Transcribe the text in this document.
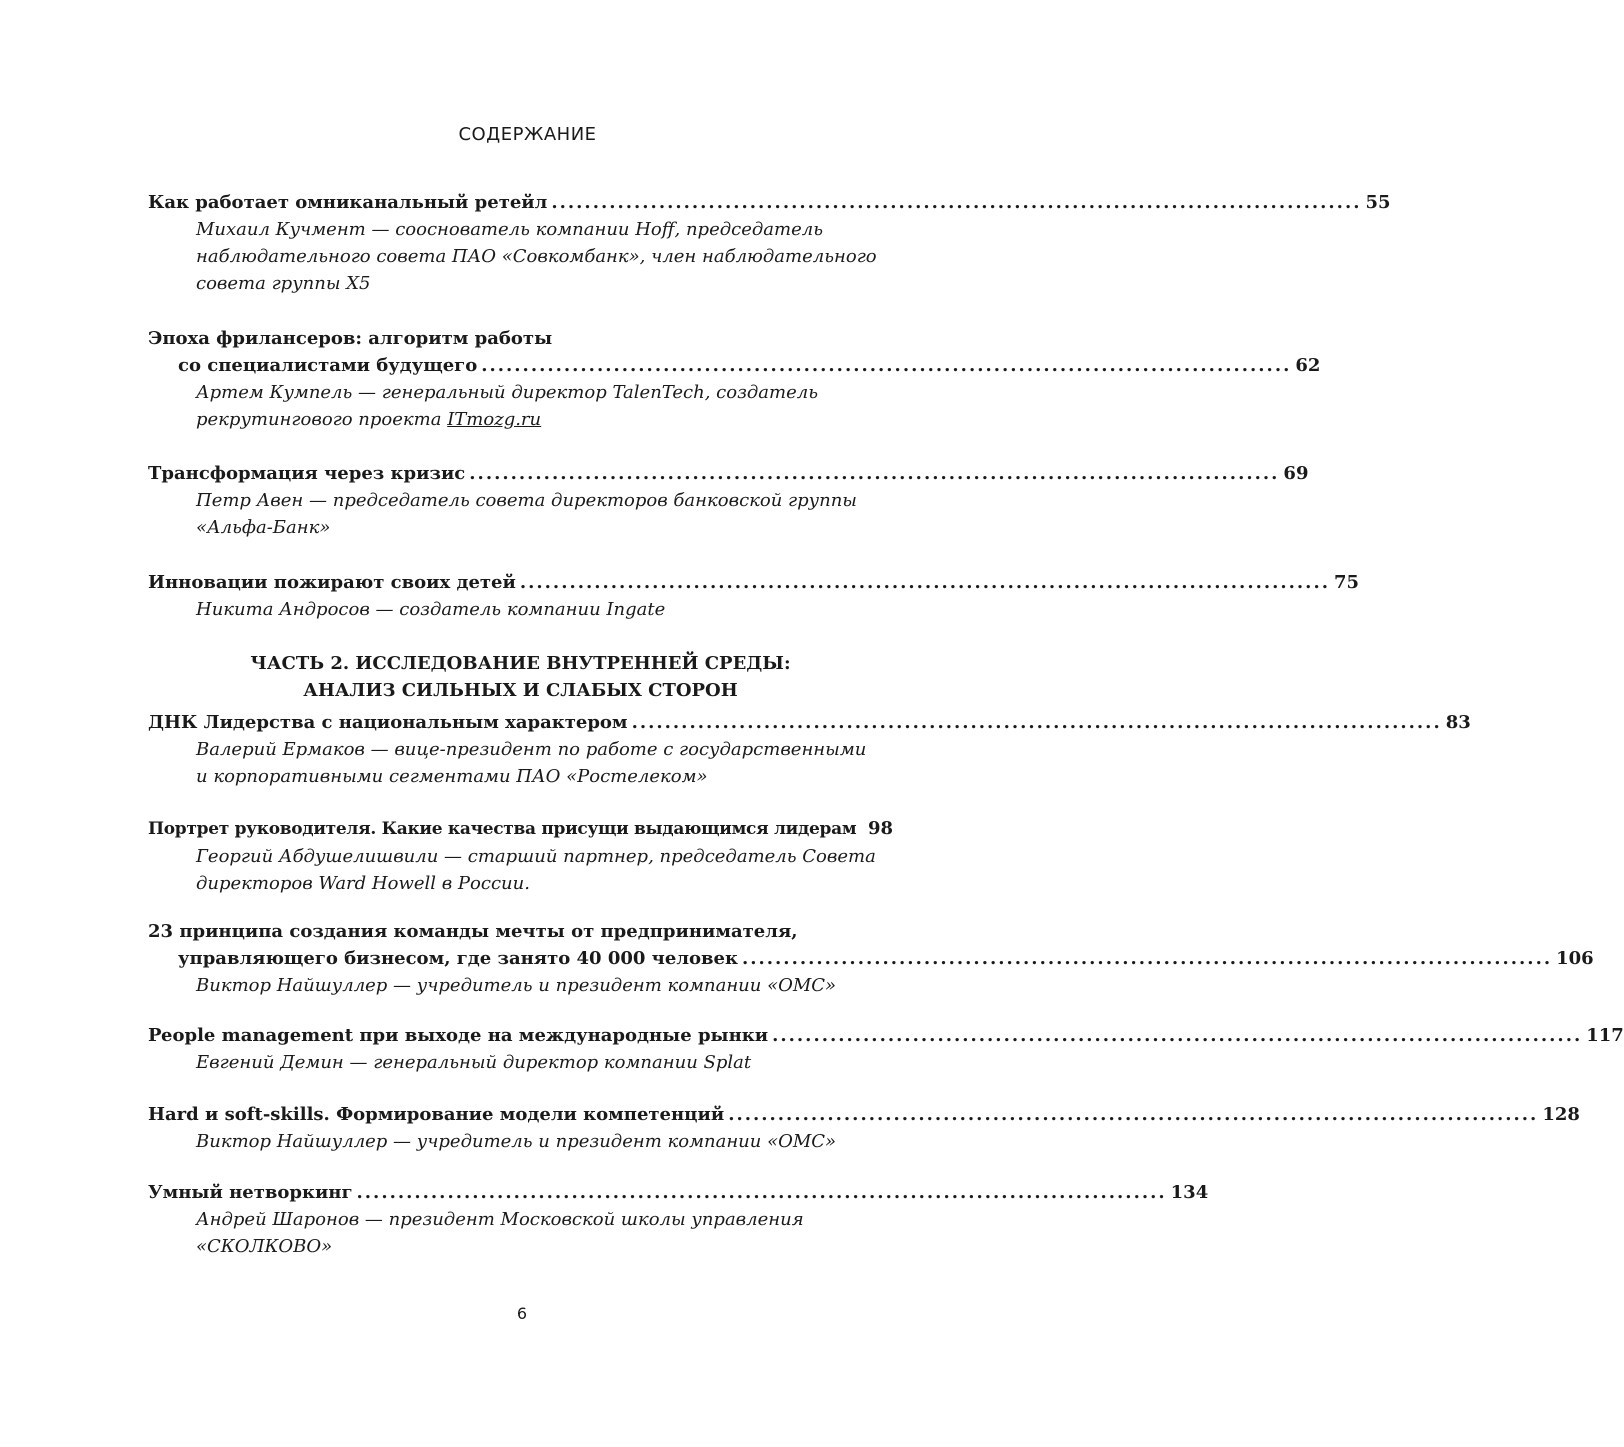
СОДЕРЖАНИЕ
Как работает омниканальный ретейл .................................................................................................. 55
Михаил Кучмент — сооснователь компании Hoff, председатель
наблюдательного совета ПАО «Совкомбанк», член наблюдательного
совета группы X5
Эпоха фрилансеров: алгоритм работы
со специалистами будущего .................................................................................................. 62
Артем Кумпель — генеральный директор TalenTech, создатель
рекрутингового проекта ITmozg.ru
Трансформация через кризис .................................................................................................. 69
Петр Авен — председатель совета директоров банковской группы
«Альфа-Банк»
Инновации пожирают своих детей .................................................................................................. 75
Никита Андросов — создатель компании Ingate
ЧАСТЬ 2. ИССЛЕДОВАНИЕ ВНУТРЕННЕЙ СРЕДЫ:
АНАЛИЗ СИЛЬНЫХ И СЛАБЫХ СТОРОН
ДНК Лидерства с национальным характером .................................................................................................. 83
Валерий Ермаков — вице-президент по работе с государственными
и корпоративными сегментами ПАО «Ростелеком»
Портрет руководителя. Какие качества присущи выдающимся лидерам 98
Георгий Абдушелишвили — старший партнер, председатель Совета
директоров Ward Howell в России.
23 принципа создания команды мечты от предпринимателя,
управляющего бизнесом, где занято 40 000 человек .................................................................................................. 106
Виктор Найшуллер — учредитель и президент компании «ОМС»
People management при выходе на международные рынки .................................................................................................. 117
Евгений Демин — генеральный директор компании Splat
Hard и soft-skills. Формирование модели компетенций .................................................................................................. 128
Виктор Найшуллер — учредитель и президент компании «ОМС»
Умный нетворкинг .................................................................................................. 134
Андрей Шаронов — президент Московской школы управления
«СКОЛКОВО»
6
